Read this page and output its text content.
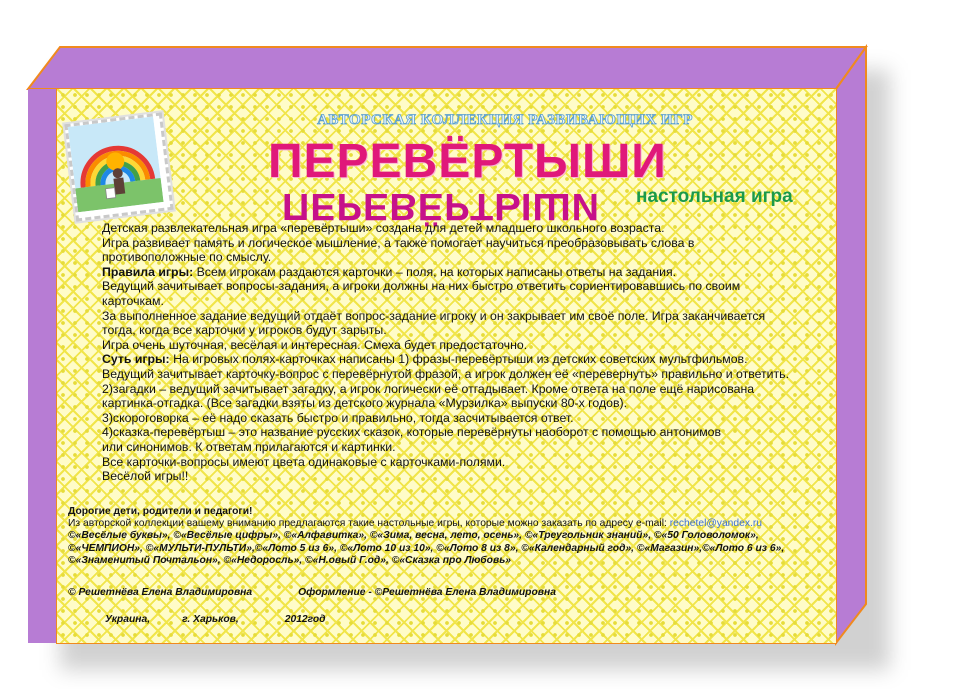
АВТОРСКАЯ КОЛЛЕКЦИЯ РАЗВИВАЮЩИХ ИГР
ПЕРЕВЁРТЫШИ
ПЕРЕВЁРТЫШИ настольная игра

Детская развлекательная игра «перевёртыши» создана для детей младшего школьного возраста.

Игра развивает память и логическое мышление, а также помогает научиться преобразовывать слова в

противоположные по смыслу.

Правила игры: Всем игрокам раздаются карточки – поля, на которых написаны ответы на задания.

Ведущий зачитывает вопросы-задания, а игроки должны на них быстро ответить сориентировавшись по своим

карточкам.

За выполненное задание ведущий отдаёт вопрос-задание игроку и он закрывает им своё поле. Игра заканчивается

тогда, когда все карточки у игроков будут зарыты.

Игра очень шуточная, весёлая и интересная. Смеха будет предостаточно.

Суть игры: На игровых полях-карточках написаны 1) фразы-перевёртыши из детских советских мультфильмов.

Ведущий зачитывает карточку-вопрос с перевёрнутой фразой, а игрок должен её «перевернуть» правильно и ответить.

2)загадки – ведущий зачитывает загадку, а игрок логически её отгадывает. Кроме ответа на поле ещё нарисована

картинка-отгадка. (Все загадки взяты из детского журнала «Мурзилка» выпуски 80-х годов).

3)скороговорка – её надо сказать быстро и правильно, тогда засчитывается ответ.

4)сказка-перевёртыш – это название русских сказок, которые перевёрнуты наоборот с помощью антонимов

или синонимов. К ответам прилагаются и картинки.

Все карточки-вопросы имеют цвета одинаковые с карточками-полями.

Весёлой игры!!

Дорогие дети, родители и педагоги!

Из авторской коллекции вашему вниманию предлагаются такие настольные игры, которые можно заказать по адресу e-mail: rechetel@yandex.ru

©«Весёлые буквы», ©«Весёлые цифры», ©«Алфавитка», ©«Зима, весна, лето, осень», ©«Треугольник знаний», ©«50 Головоломок»,

©«ЧЕМПИОН», ©«МУЛЬТИ-ПУЛЬТИ»,©«Лото 5 из 6», ©«Лото 10 из 10», ©«Лото 8 из 8», ©«Календарный год», ©«Магазин»,©«Лото 6 из 6»,

©«Знаменитый Почтальон», ©«Недоросль», ©«Н.овый Г.од», ©«Сказка про Любовь»

© Решетнёва Елена Владимировна	Оформление - ©Решетнёва Елена Владимировна
Украина,	г. Харьков,	2012год
